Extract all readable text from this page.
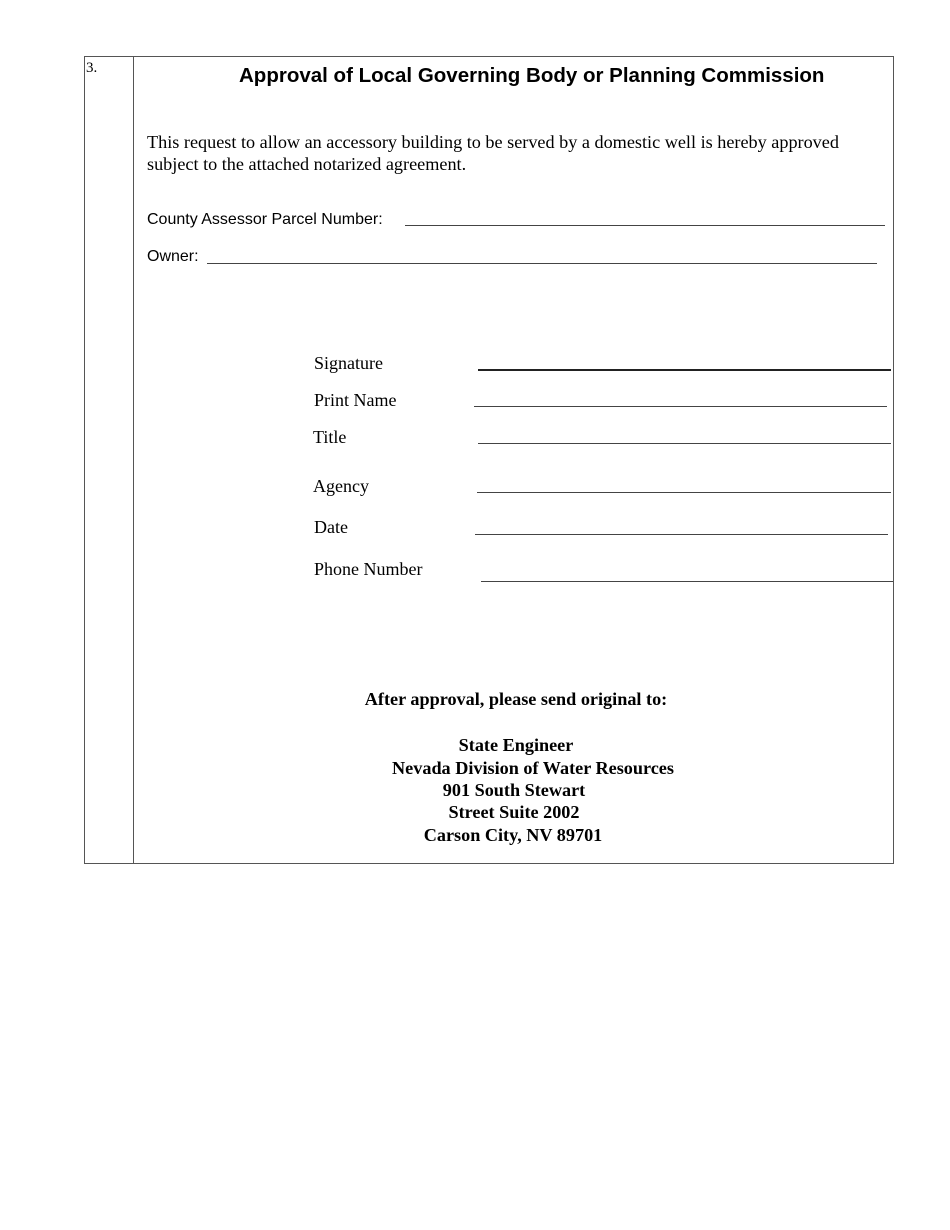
3.	Approval of Local Governing Body or Planning Commission
This request to allow an accessory building to be served by a domestic well is hereby approved subject to the attached notarized agreement.
County Assessor Parcel Number:
Owner:
Signature
Print Name
Title
Agency
Date
Phone Number
After approval, please send original to:
State Engineer
Nevada Division of Water Resources
901 South Stewart
Street Suite 2002
Carson City, NV 89701
